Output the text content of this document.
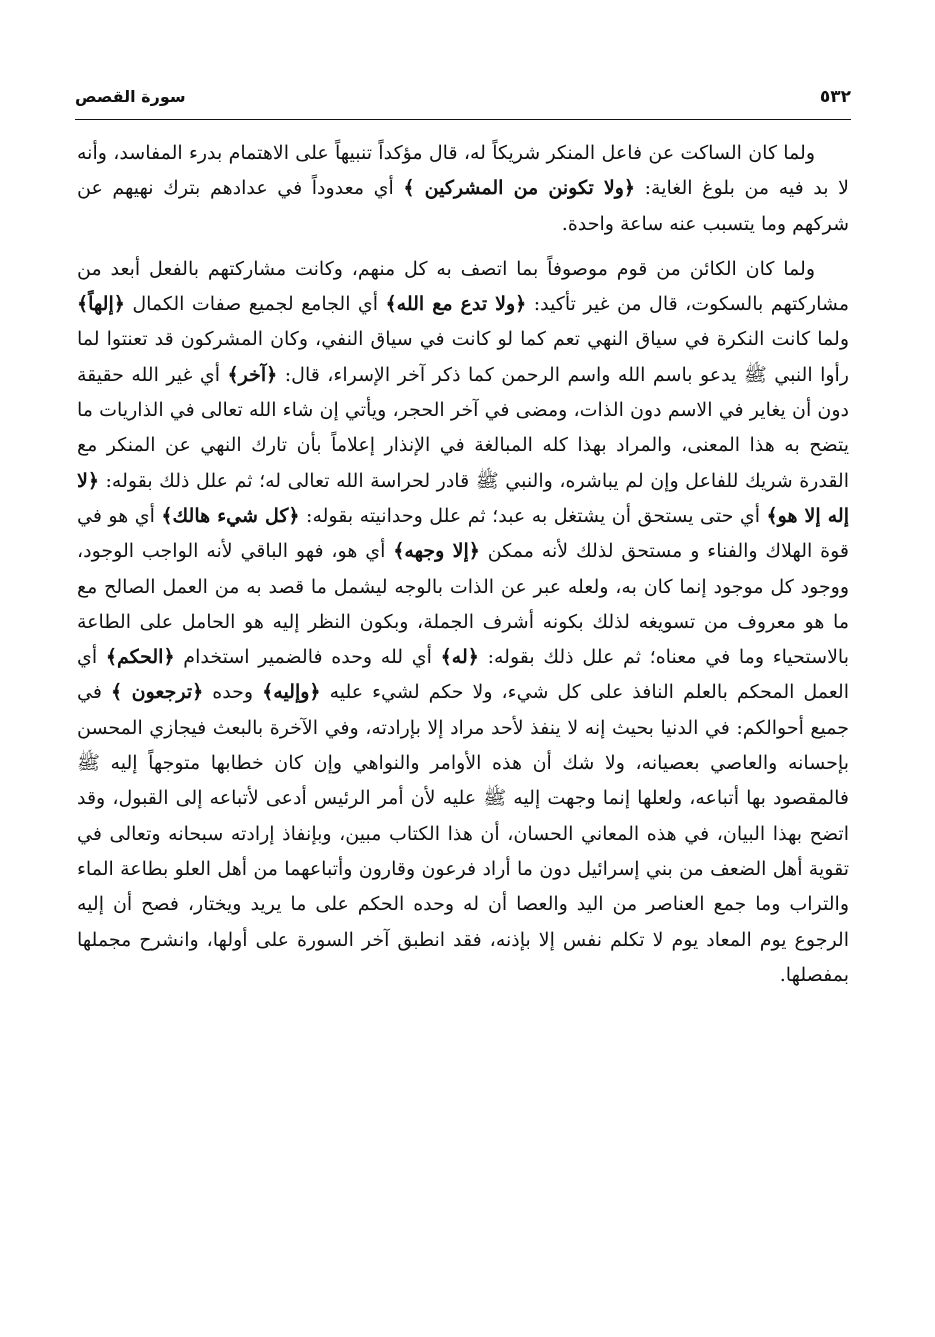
٥٣٢
سورة القصص

ولما كان الساكت عن فاعل المنكر شريكاً له، قال مؤكداً تنبيهاً على الاهتمام بدرء المفاسد، وأنه لا بد فيه من بلوغ الغاية: ﴿ولا تكونن من المشركين ﴾ أي معدوداً في عدادهم بترك نهيهم عن شركهم وما يتسبب عنه ساعة واحدة.

ولما كان الكائن من قوم موصوفاً بما اتصف به كل منهم، وكانت مشاركتهم بالفعل أبعد من مشاركتهم بالسكوت، قال من غير تأكيد: ﴿ولا تدع مع الله﴾ أي الجامع لجميع صفات الكمال ﴿إلهاً﴾ ولما كانت النكرة في سياق النهي تعم كما لو كانت في سياق النفي، وكان المشركون قد تعنتوا لما رأوا النبي ﷺ يدعو باسم الله واسم الرحمن كما ذكر آخر الإسراء، قال: ﴿آخر﴾ أي غير الله حقيقة دون أن يغاير في الاسم دون الذات، ومضى في آخر الحجر، ويأتي إن شاء الله تعالى في الذاريات ما يتضح به هذا المعنى، والمراد بهذا كله المبالغة في الإنذار إعلاماً بأن تارك النهي عن المنكر مع القدرة شريك للفاعل وإن لم يباشره، والنبي ﷺ قادر لحراسة الله تعالى له؛ ثم علل ذلك بقوله: ﴿لا إله إلا هو﴾ أي حتى يستحق أن يشتغل به عبد؛ ثم علل وحدانيته بقوله: ﴿كل شيء هالك﴾ أي هو في قوة الهلاك والفناء و مستحق لذلك لأنه ممكن ﴿إلا وجهه﴾ أي هو، فهو الباقي لأنه الواجب الوجود، ووجود كل موجود إنما كان به، ولعله عبر عن الذات بالوجه ليشمل ما قصد به من العمل الصالح مع ما هو معروف من تسويغه لذلك بكونه أشرف الجملة، وبكون النظر إليه هو الحامل على الطاعة بالاستحياء وما في معناه؛ ثم علل ذلك بقوله: ﴿له﴾ أي لله وحده فالضمير استخدام ﴿الحكم﴾ أي العمل المحكم بالعلم النافذ على كل شيء، ولا حكم لشيء عليه ﴿وإليه﴾ وحده ﴿ترجعون ﴾ في جميع أحوالكم: في الدنيا بحيث إنه لا ينفذ لأحد مراد إلا بإرادته، وفي الآخرة بالبعث فيجازي المحسن بإحسانه والعاصي بعصيانه، ولا شك أن هذه الأوامر والنواهي وإن كان خطابها متوجهاً إليه ﷺ فالمقصود بها أتباعه، ولعلها إنما وجهت إليه ﷺ عليه لأن أمر الرئيس أدعى لأتباعه إلى القبول، وقد اتضح بهذا البيان، في هذه المعاني الحسان، أن هذا الكتاب مبين، وبإنفاذ إرادته سبحانه وتعالى في تقوية أهل الضعف من بني إسرائيل دون ما أراد فرعون وقارون وأتباعهما من أهل العلو بطاعة الماء والتراب وما جمع العناصر من اليد والعصا أن له وحده الحكم على ما يريد ويختار، فصح أن إليه الرجوع يوم المعاد يوم لا تكلم نفس إلا بإذنه، فقد انطبق آخر السورة على أولها، وانشرح مجملها بمفصلها.
